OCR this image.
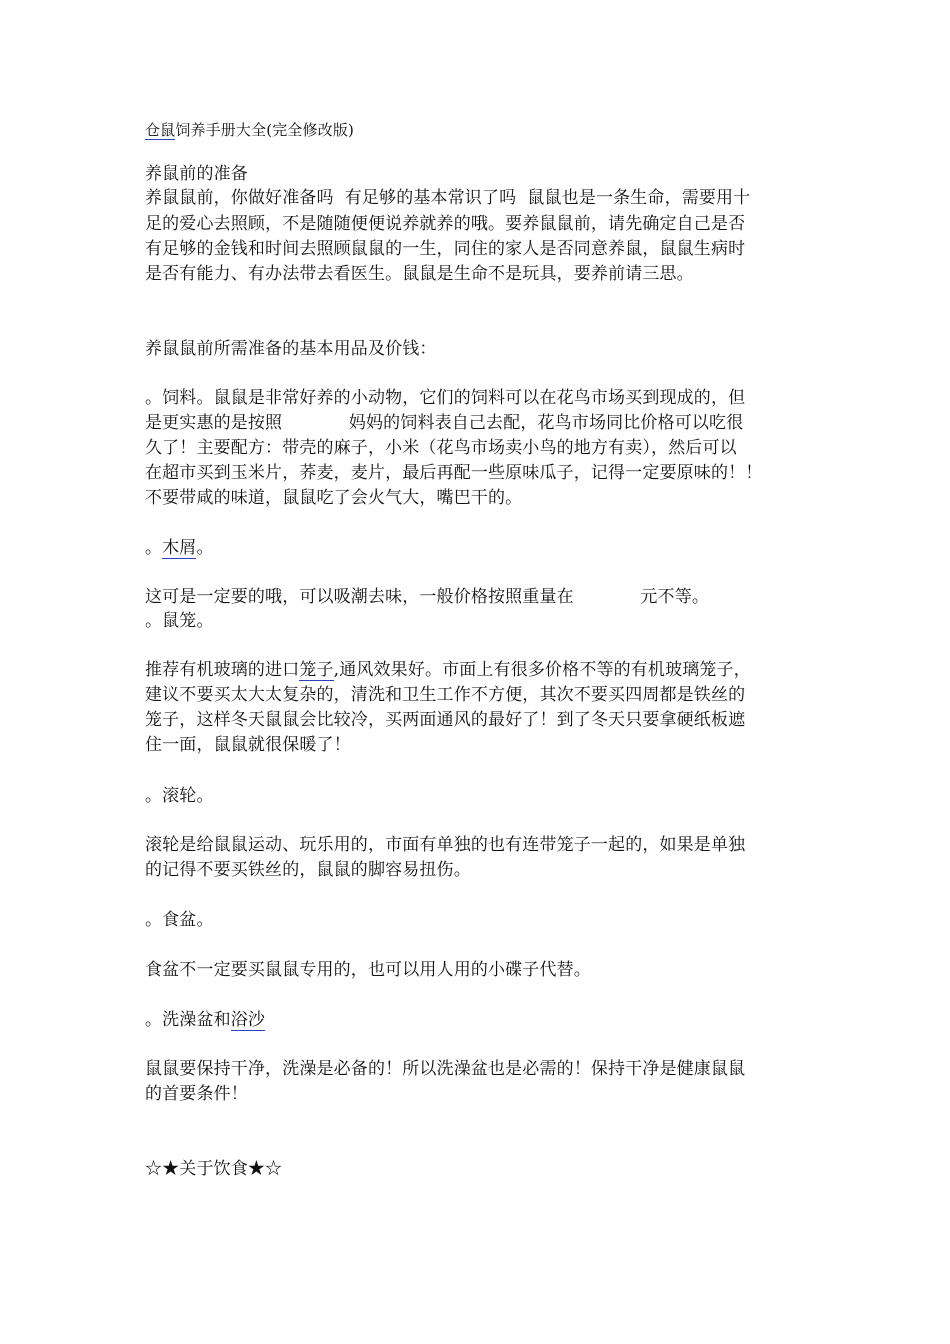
仓鼠饲养手册大全(完全修改版)
养鼠前的准备
养鼠鼠前，你做好准备吗  有足够的基本常识了吗  鼠鼠也是一条生命，需要用十
足的爱心去照顾，不是随随便便说养就养的哦。要养鼠鼠前，请先确定自己是否
有足够的金钱和时间去照顾鼠鼠的一生，同住的家人是否同意养鼠，鼠鼠生病时
是否有能力、有办法带去看医生。鼠鼠是生命不是玩具，要养前请三思。
养鼠鼠前所需准备的基本用品及价钱：
。饲料。鼠鼠是非常好养的小动物，它们的饲料可以在花鸟市场买到现成的，但
是更实惠的是按照            妈妈的饲料表自己去配，花鸟市场同比价格可以吃很
久了！主要配方：带壳的麻子，小米（花鸟市场卖小鸟的地方有卖），然后可以
在超市买到玉米片，荞麦，麦片，最后再配一些原味瓜子，记得一定要原味的！！
不要带咸的味道，鼠鼠吃了会火气大，嘴巴干的。
。木屑。
这可是一定要的哦，可以吸潮去味，一般价格按照重量在            元不等。
。鼠笼。
推荐有机玻璃的进口笼子,通风效果好。市面上有很多价格不等的有机玻璃笼子，
建议不要买太大太复杂的，清洗和卫生工作不方便，其次不要买四周都是铁丝的
笼子，这样冬天鼠鼠会比较冷，买两面通风的最好了！到了冬天只要拿硬纸板遮
住一面，鼠鼠就很保暖了！
。滚轮。
滚轮是给鼠鼠运动、玩乐用的，市面有单独的也有连带笼子一起的，如果是单独
的记得不要买铁丝的，鼠鼠的脚容易扭伤。
。食盆。
食盆不一定要买鼠鼠专用的，也可以用人用的小碟子代替。
。洗澡盆和浴沙
鼠鼠要保持干净，洗澡是必备的！所以洗澡盆也是必需的！保持干净是健康鼠鼠
的首要条件！
☆★关于饮食★☆
